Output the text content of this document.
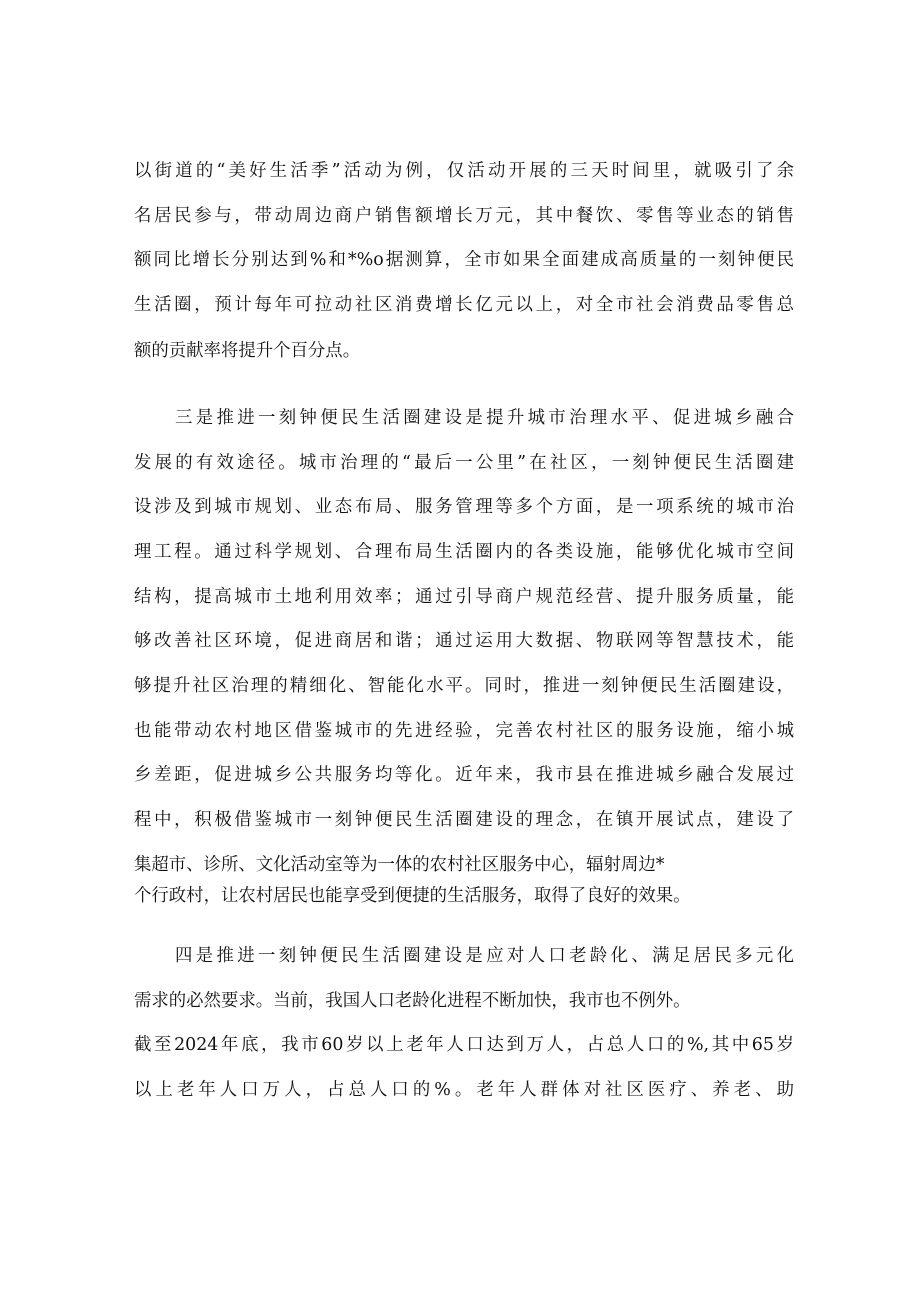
以街道的“美好生活季”活动为例，仅活动开展的三天时间里，就吸引了余
名居民参与，带动周边商户销售额增长万元，其中餐饮、零售等业态的销售
额同比增长分别达到%和*%o据测算，全市如果全面建成高质量的一刻钟便民
生活圈，预计每年可拉动社区消费增长亿元以上，对全市社会消费品零售总
额的贡献率将提升个百分点。
三是推进一刻钟便民生活圈建设是提升城市治理水平、促进城乡融合
发展的有效途径。城市治理的“最后一公里”在社区，一刻钟便民生活圈建
设涉及到城市规划、业态布局、服务管理等多个方面，是一项系统的城市治
理工程。通过科学规划、合理布局生活圈内的各类设施，能够优化城市空间
结构，提高城市土地利用效率；通过引导商户规范经营、提升服务质量，能
够改善社区环境，促进商居和谐；通过运用大数据、物联网等智慧技术，能
够提升社区治理的精细化、智能化水平。同时，推进一刻钟便民生活圈建设，
也能带动农村地区借鉴城市的先进经验，完善农村社区的服务设施，缩小城
乡差距，促进城乡公共服务均等化。近年来，我市县在推进城乡融合发展过
程中，积极借鉴城市一刻钟便民生活圈建设的理念，在镇开展试点，建设了
集超市、诊所、文化活动室等为一体的农村社区服务中心，辐射周边*
个行政村，让农村居民也能享受到便捷的生活服务，取得了良好的效果。
四是推进一刻钟便民生活圈建设是应对人口老龄化、满足居民多元化
需求的必然要求。当前，我国人口老龄化进程不断加快，我市也不例外。
截至2024年底，我市60岁以上老年人口达到万人，占总人口的%,其中65岁
以上老年人口万人，占总人口的%。老年人群体对社区医疗、养老、助
